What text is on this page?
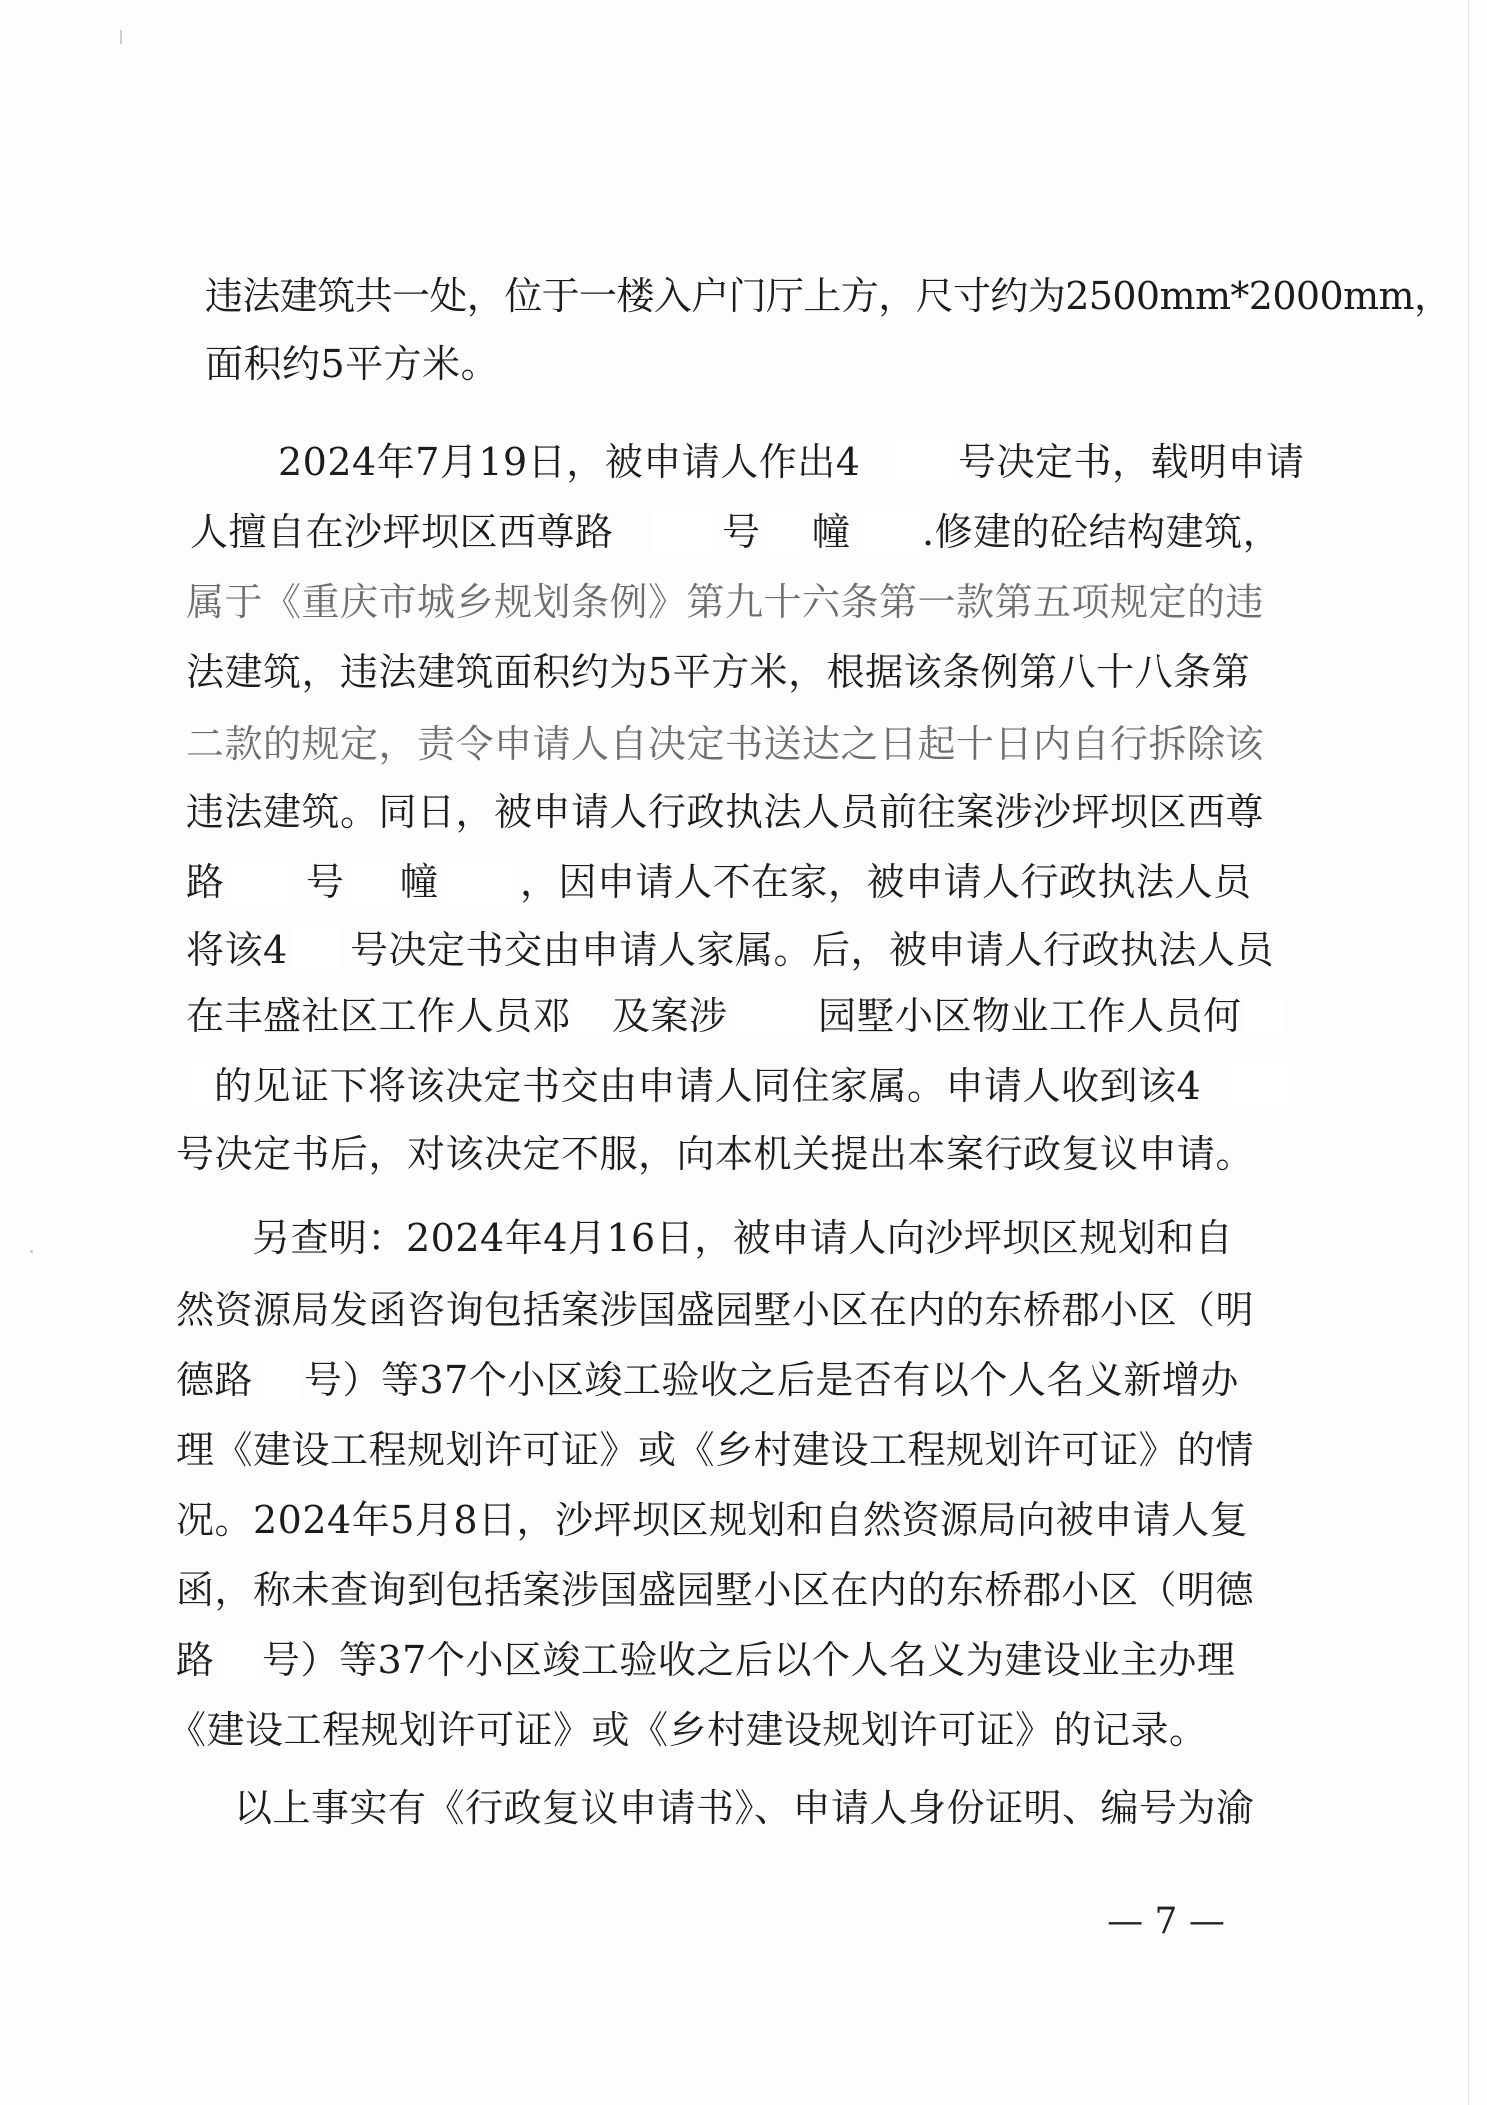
违法建筑共一处，位于一楼入户门厅上方，尺寸约为2500mm*2000mm，
面积约5平方米。
2024年7月19日，被申请人作出4	号决定书，载明申请
人擅自在沙坪坝区西尊路	号 幢 .修建的砼结构建筑，
属于《重庆市城乡规划条例》第九十六条第一款第五项规定的违
法建筑，违法建筑面积约为5平方米，根据该条例第八十八条第
二款的规定，责令申请人自决定书送达之日起十日内自行拆除该
违法建筑。同日，被申请人行政执法人员前往案涉沙坪坝区西尊
路 号 幢 ，因申请人不在家，被申请人行政执法人员
将该4 号决定书交由申请人家属。后，被申请人行政执法人员
在丰盛社区工作人员邓 及案涉 园墅小区物业工作人员何
的见证下将该决定书交由申请人同住家属。申请人收到该4
号决定书后，对该决定不服，向本机关提出本案行政复议申请。
另查明：2024年4月16日，被申请人向沙坪坝区规划和自
然资源局发函咨询包括案涉国盛园墅小区在内的东桥郡小区（明
德路 号）等37个小区竣工验收之后是否有以个人名义新增办
理《建设工程规划许可证》或《乡村建设工程规划许可证》的情
况。2024年5月8日，沙坪坝区规划和自然资源局向被申请人复
函，称未查询到包括案涉国盛园墅小区在内的东桥郡小区（明德
路 号）等37个小区竣工验收之后以个人名义为建设业主办理
《建设工程规划许可证》或《乡村建设规划许可证》的记录。
以上事实有《行政复议申请书》、申请人身份证明、编号为渝
— 7 —
